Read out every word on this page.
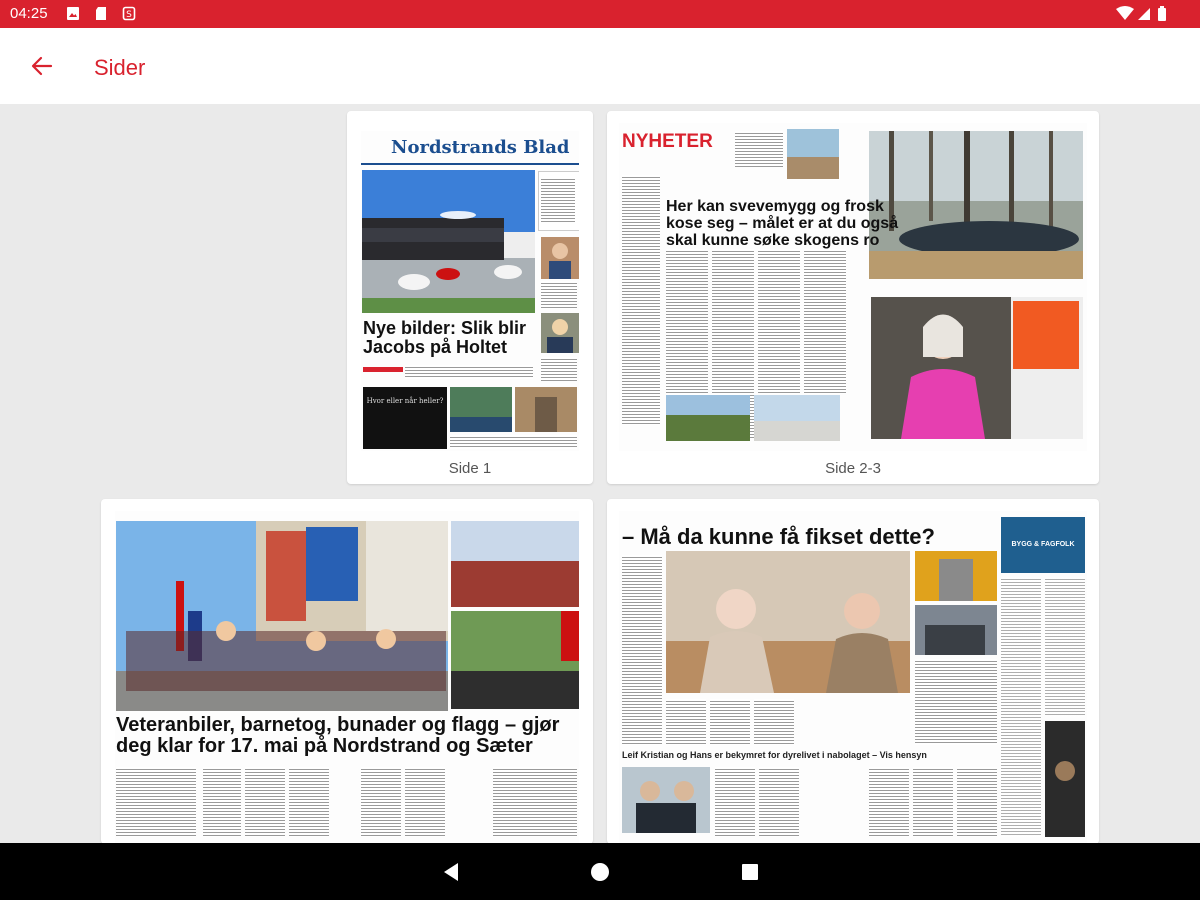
04:25	S
Sider
Nordstrands Blad
Nye bilder: Slik blir Jacobs på Holtet
Hvor eller når heller?
Side 1
NYHETER
Her kan svevemygg og frosk kose seg – målet er at du også skal kunne søke skogens ro
Side 2-3
Veteranbiler, barnetog, bunader og flagg – gjør deg klar for 17. mai på Nordstrand og Sæter
– Må da kunne få fikset dette?	BYGG & FAGFOLK
Leif Kristian og Hans er bekymret for dyrelivet i nabolaget – Vis hensyn
